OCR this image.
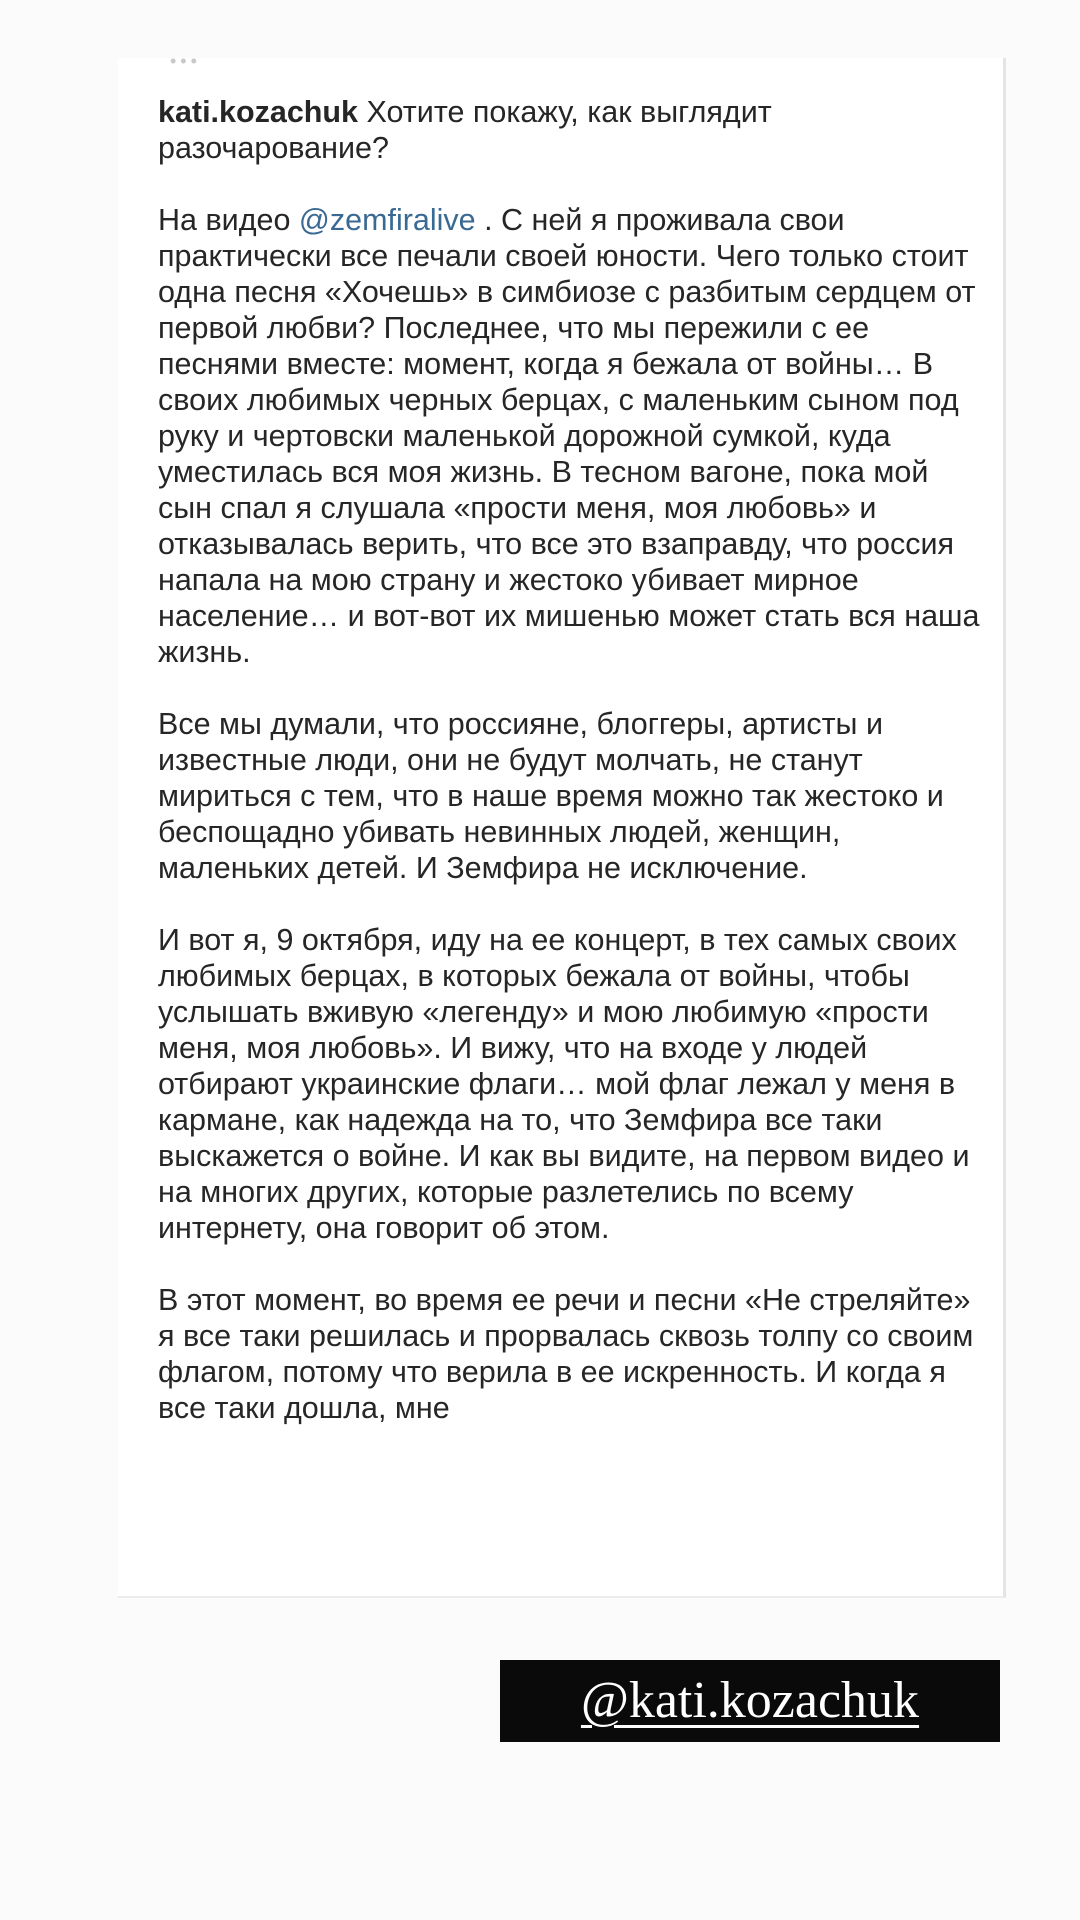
•••

kati.kozachuk Хотите покажу, как выглядит разочарование?

На видео @zemfiralive . С ней я проживала свои практически все печали своей юности. Чего только стоит одна песня «Хочешь» в симбиозе с разбитым сердцем от первой любви? Последнее, что мы пережили с ее песнями вместе: момент, когда я бежала от войны… В своих любимых черных берцах, с маленьким сыном под руку и чертовски маленькой дорожной сумкой, куда уместилась вся моя жизнь. В тесном вагоне, пока мой сын спал я слушала «прости меня, моя любовь» и отказывалась верить, что все это взаправду, что россия напала на мою страну и жестоко убивает мирное население… и вот-вот их мишенью может стать вся наша жизнь.

Все мы думали, что россияне, блоггеры, артисты и известные люди, они не будут молчать, не станут мириться с тем, что в наше время можно так жестоко и беспощадно убивать невинных людей, женщин, маленьких детей. И Земфира не исключение.

И вот я, 9 октября, иду на ее концерт, в тех самых своих любимых берцах, в которых бежала от войны, чтобы услышать вживую «легенду» и мою любимую «прости меня, моя любовь». И вижу, что на входе у людей отбирают украинские флаги… мой флаг лежал у меня в кармане, как надежда на то, что Земфира все таки выскажется о войне. И как вы видите, на первом видео и на многих других, которые разлетелись по всему интернету, она говорит об этом.

В этот момент, во время ее речи и песни «Не стреляйте» я все таки решилась и прорвалась сквозь толпу со своим флагом, потому что верила в ее искренность. И когда я все таки дошла, мне

@kati.kozachuk
